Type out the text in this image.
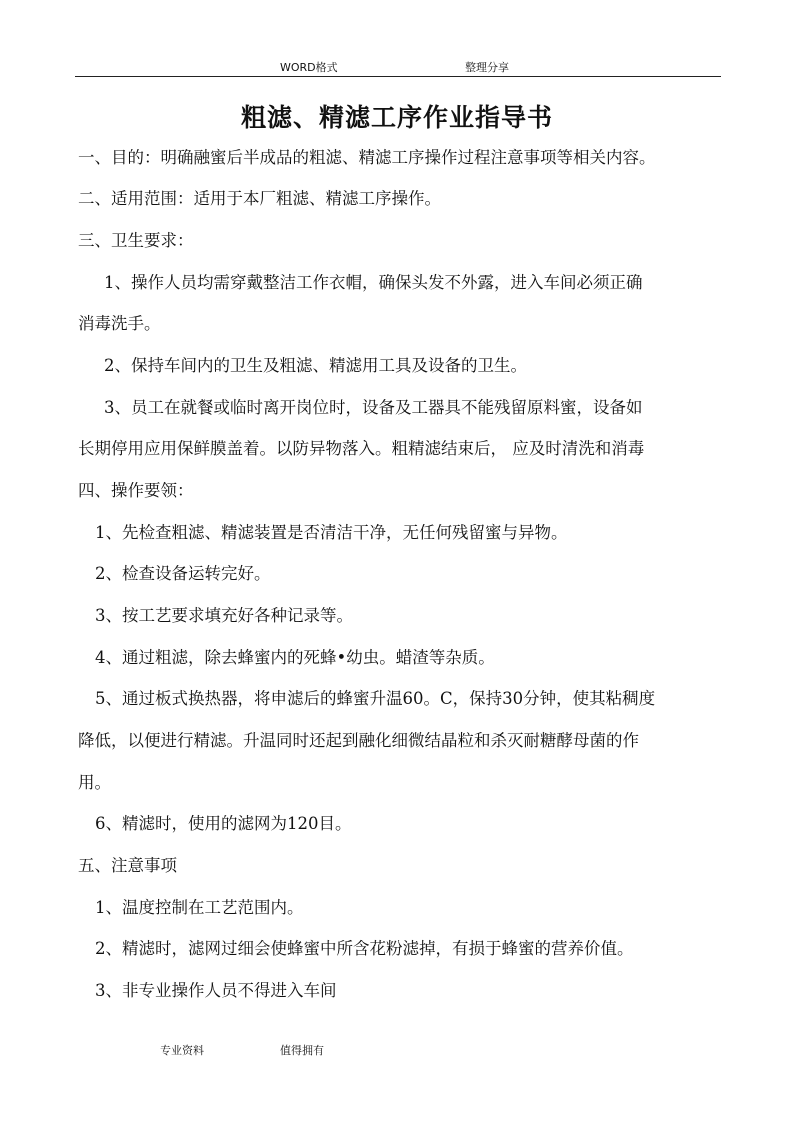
WORD格式	整理分享
粗滤、精滤工序作业指导书
一、目的：明确融蜜后半成品的粗滤、精滤工序操作过程注意事项等相关内容。
二、适用范围：适用于本厂粗滤、精滤工序操作。
三、卫生要求：
1、操作人员均需穿戴整洁工作衣帽，确保头发不外露，进入车间必须正确
消毒洗手。
2、保持车间内的卫生及粗滤、精滤用工具及设备的卫生。
3、员工在就餐或临时离开岗位时，设备及工器具不能残留原料蜜，设备如
长期停用应用保鲜膜盖着。以防异物落入。粗精滤结束后， 应及时清洗和消毒
四、操作要领：
1、先检查粗滤、精滤装置是否清洁干净，无任何残留蜜与异物。
2、检查设备运转完好。
3、按工艺要求填充好各种记录等。
4、通过粗滤，除去蜂蜜内的死蜂•幼虫。蜡渣等杂质。
5、通过板式换热器，将申滤后的蜂蜜升温60。C，保持30分钟，使其粘稠度
降低，以便进行精滤。升温同时还起到融化细微结晶粒和杀灭耐糖酵母菌的作
用。
6、精滤时，使用的滤网为120目。
五、注意事项
1、温度控制在工艺范围内。
2、精滤时，滤网过细会使蜂蜜中所含花粉滤掉，有损于蜂蜜的营养价值。
3、非专业操作人员不得进入车间
专业资料	值得拥有
